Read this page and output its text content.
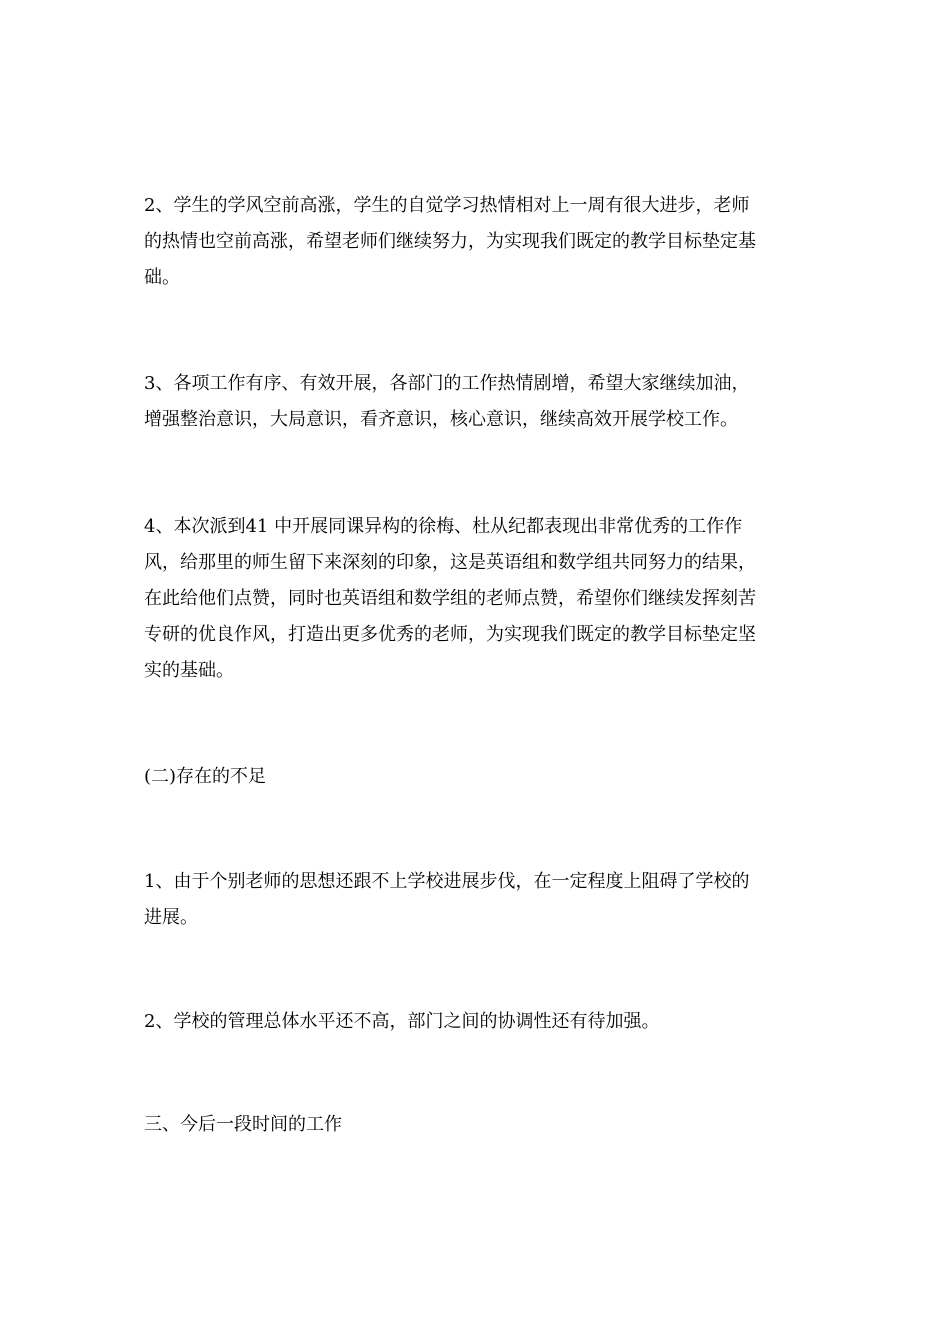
2、学生的学风空前高涨，学生的自觉学习热情相对上一周有很大进步，老师
的热情也空前高涨，希望老师们继续努力，为实现我们既定的教学目标垫定基
础。
3、各项工作有序、有效开展，各部门的工作热情剧增，希望大家继续加油，
增强整治意识，大局意识，看齐意识，核心意识，继续高效开展学校工作。
4、本次派到41 中开展同课异构的徐梅、杜从纪都表现出非常优秀的工作作
风，给那里的师生留下来深刻的印象，这是英语组和数学组共同努力的结果，
在此给他们点赞，同时也英语组和数学组的老师点赞，希望你们继续发挥刻苦
专研的优良作风，打造出更多优秀的老师，为实现我们既定的教学目标垫定坚
实的基础。
(二)存在的不足
1、由于个别老师的思想还跟不上学校进展步伐，在一定程度上阻碍了学校的
进展。
2、学校的管理总体水平还不高，部门之间的协调性还有待加强。
三、今后一段时间的工作
